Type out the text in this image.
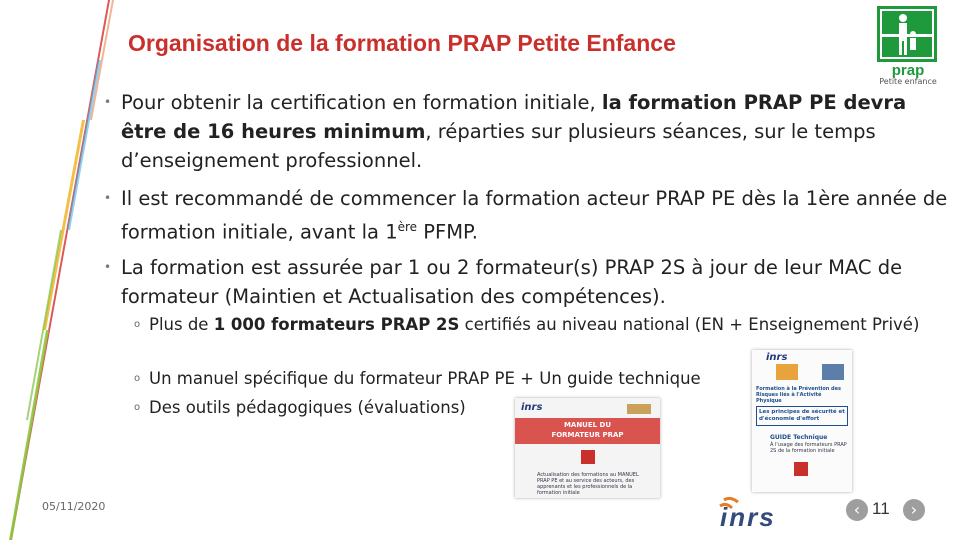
Organisation de la formation PRAP Petite Enfance
prap
Petite enfance
• Pour obtenir la certification en formation initiale, la formation PRAP PE devra être de 16 heures minimum, réparties sur plusieurs séances, sur le temps d’enseignement professionnel.
• Il est recommandé de commencer la formation acteur PRAP PE dès la 1ère année de formation initiale, avant la 1ère PFMP.
• La formation est assurée par 1 ou 2 formateur(s) PRAP 2S à jour de leur MAC de formateur (Maintien et Actualisation des compétences).
o Plus de 1 000 formateurs PRAP 2S certifiés au niveau national (EN + Enseignement Privé)
o Un manuel spécifique du formateur PRAP PE + Un guide technique
o Des outils pédagogiques (évaluations)	inrs
MANUEL DU
FORMATEUR PRAP
Actualisation des formations au MANUEL PRAP PE et au service des acteurs, des apprenants et les professionnels de la formation initiale
inrs
Formation à la Prévention des Risques liés à l'Activité Physique
Les principes de sécurité et d'économie d'effort
GUIDE Technique
À l'usage des formateurs PRAP 2S de la formation initiale
05/11/2020	inrs	‹ 11	›
